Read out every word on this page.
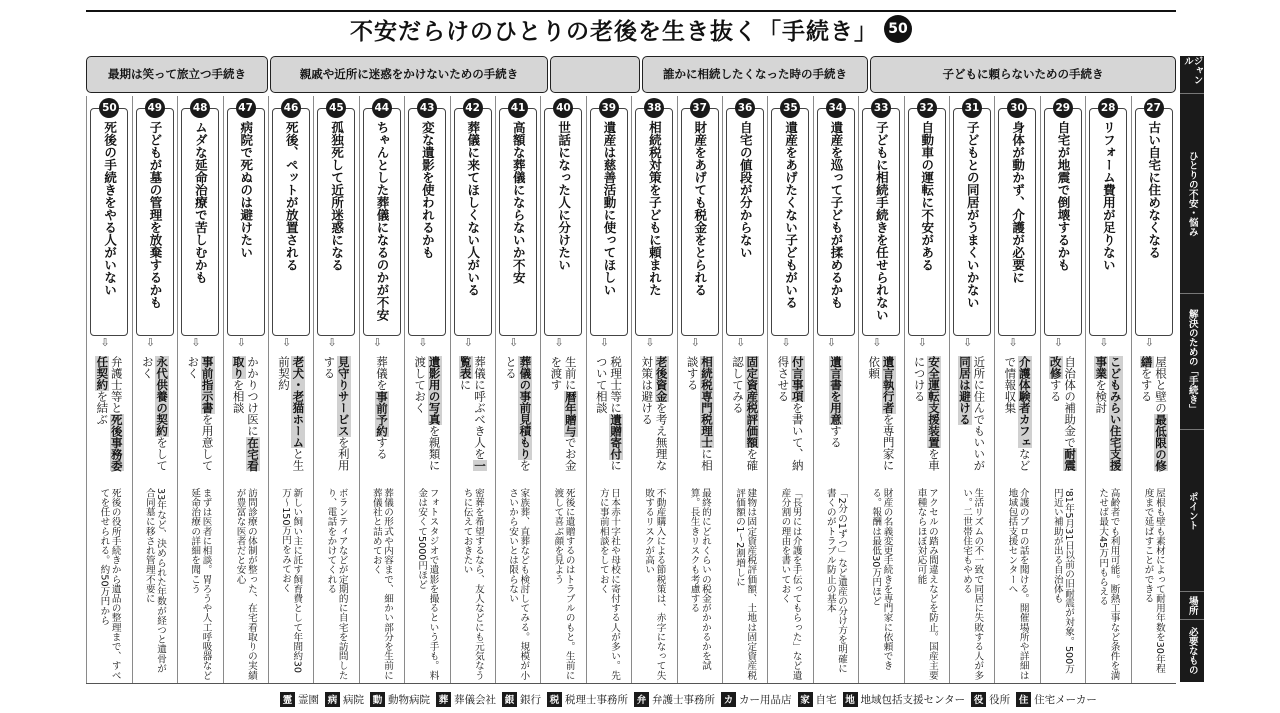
不安だらけのひとりの老後を生き抜く「手続き」 50
子どもに頼らないための手続き
誰かに相続したくなった時の手続き
親戚や近所に迷惑をかけないための手続き
最期は笑って旅立つ手続き
古い自宅に住めなくなる
27
⇩
屋根と壁の最低限の修繕をする
屋根も壁も素材によって耐用年数を30年程度まで延ばすことができる
リフォーム費用が足りない
28
⇩
こどもみらい住宅支援事業を検討
高齢者でも利用可能。断熱工事など条件を満たせば最大45万円もらえる
自宅が地震で倒壊するかも
29
⇩
自治体の補助金で耐震改修する
'81年5月31日以前の旧耐震が対象。500万円近い補助が出る自治体も
身体が動かず、介護が必要に
30
⇩
介護体験者カフェなどで情報収集
介護のプロの話を聞ける。開催場所や詳細は地域包括支援センターへ
子どもとの同居がうまくいかない
31
⇩
近所に住んでもいいが同居は避ける
生活リズムの不一致で同居に失敗する人が多い。二世帯住宅もやめる
自動車の運転に不安がある
32
⇩
安全運転支援装置を車につける
アクセルの踏み間違えなどを防止。国産主要車種ならほぼ対応可能
子どもに相続手続きを任せられない
33
⇩
遺言執行者を専門家に依頼
財産の名義変更手続きを専門家に依頼できる。報酬は最低30万円ほど
遺産を巡って子どもが揉めるかも
34
⇩
遺言書を用意する
「2分の1ずつ」など遺産の分け方を明確に書くのがトラブル防止の基本
遺産をあげたくない子どもがいる
35
⇩
付言事項を書いて、納得させる
「長男には介護を手伝ってもらった」など遺産分割の理由を書いておく
自宅の値段が分からない
36
⇩
固定資産税評価額を確認してみる
建物は固定資産税評価額、土地は固定資産税評価額の1～2割増しに
財産をあげても税金をとられる
37
⇩
相続税専門税理士に相談する
最終的にどれくらいの税金がかかるかを試算。長生きリスクも考慮する
相続税対策を子どもに頼まれた
38
⇩
老後資金を考え無理な対策は避ける
不動産購入による節税策は、赤字になって失敗するリスクが高い
遺産は慈善活動に使ってほしい
39
⇩
税理士等に遺贈寄付について相談
日本赤十字社や母校に寄付する人が多い。先方に事前相談をしておく
世話になった人に分けたい
40
⇩
生前に暦年贈与でお金を渡す
死後に遺贈するのはトラブルのもと。生前に渡して喜ぶ顔を見よう
高額な葬儀にならないか不安
41
⇩
葬儀の事前見積もりをとる
家族葬、直葬なども検討してみる。規模が小さいから安いとは限らない
葬儀に来てほしくない人がいる
42
⇩
葬儀に呼ぶべき人を一覧表に
密葬を希望するなら、友人などにも元気なうちに伝えておきたい
変な遺影を使われるかも
43
⇩
遺影用の写真を親類に渡しておく
フォトスタジオで遺影を撮るという手も。料金は安くて5000円ほど
ちゃんとした葬儀になるのかが不安
44
⇩
葬儀を事前予約する
葬儀の形式や内容まで、細かい部分を生前に葬儀社と詰めておく
孤独死して近所迷惑になる
45
⇩
見守りサービスを利用する
ボランティアなどが定期的に自宅を訪問したり、電話をかけてくれる
死後、ペットが放置される
46
⇩
老犬・老猫ホームと生前契約
新しい飼い主に託す飼育費として年間約30万～150万円をみておく
病院で死ぬのは避けたい
47
⇩
かかりつけ医に在宅看取りを相談
訪問診療の体制が整った、在宅看取りの実績が豊富な医者だと安心
ムダな延命治療で苦しむかも
48
⇩
事前指示書を用意しておく
まずは医者に相談。胃ろうや人工呼吸器など延命治療の詳細を聞こう
子どもが墓の管理を放棄するかも
49
⇩
永代供養の契約をしておく
33年など、決められた年数が経つと遺骨が合同墓に移され管理不要に
死後の手続きをやる人がいない
50
⇩
弁護士等と死後事務委任契約を結ぶ
死後の役所手続きから遺品の整理まで、すべてを任せられる。約50万円から
ジャンル
ひとりの不安・悩み
解決のための「手続き」
ポイント
場所
必要なもの
霊 霊園 病 病院 動 動物病院 葬 葬儀会社 銀 銀行 税 税理士事務所 弁 弁護士事務所 カ カー用品店 家 自宅 地 地域包括支援センター 役 役所 住 住宅メーカー
